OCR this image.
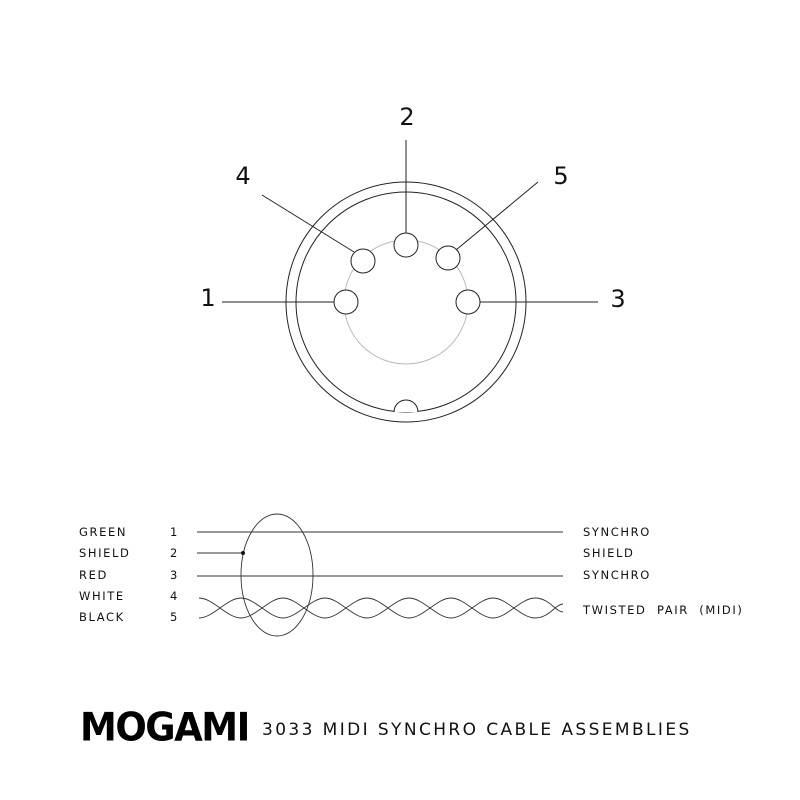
1
2
3
4	5
GREEN
SHIELD
RED
WHITE
BLACK
1
2
3
4
5
SYNCHRO
SHIELD
SYNCHRO
TWISTED  PAIR  (MIDI)
MOGAMI 3033 MIDI SYNCHRO CABLE ASSEMBLIES
